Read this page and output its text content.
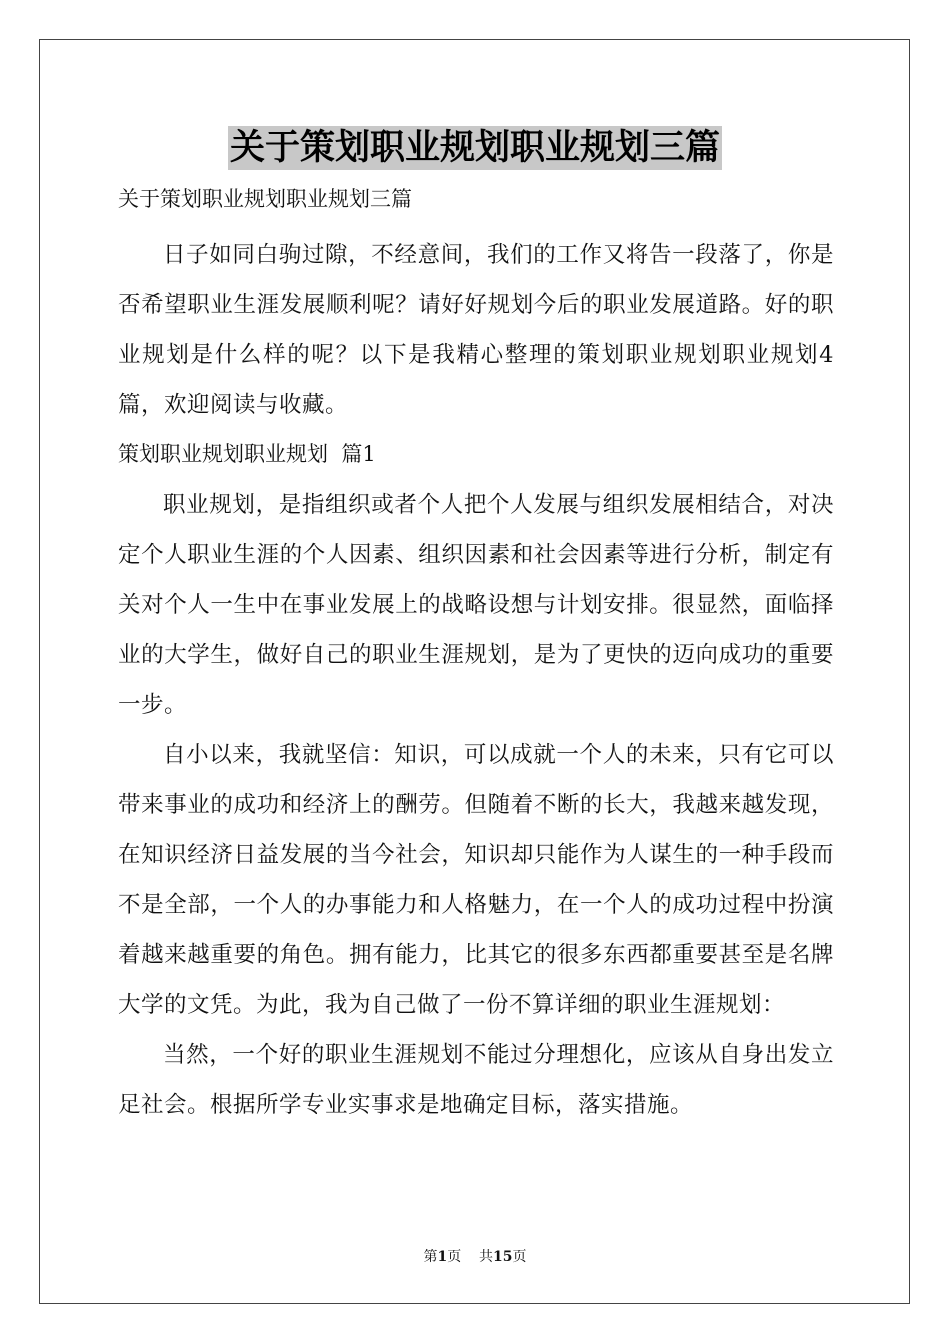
关于策划职业规划职业规划三篇

关于策划职业规划职业规划三篇

日子如同白驹过隙，不经意间，我们的工作又将告一段落了，你是否希望职业生涯发展顺利呢？请好好规划今后的职业发展道路。好的职业规划是什么样的呢？以下是我精心整理的策划职业规划职业规划4篇，欢迎阅读与收藏。

策划职业规划职业规划  篇1

职业规划，是指组织或者个人把个人发展与组织发展相结合，对决定个人职业生涯的个人因素、组织因素和社会因素等进行分析，制定有关对个人一生中在事业发展上的战略设想与计划安排。很显然，面临择业的大学生，做好自己的职业生涯规划，是为了更快的迈向成功的重要一步。

自小以来，我就坚信：知识，可以成就一个人的未来，只有它可以带来事业的成功和经济上的酬劳。但随着不断的长大，我越来越发现，在知识经济日益发展的当今社会，知识却只能作为人谋生的一种手段而不是全部，一个人的办事能力和人格魅力，在一个人的成功过程中扮演着越来越重要的角色。拥有能力，比其它的很多东西都重要甚至是名牌大学的文凭。为此，我为自己做了一份不算详细的职业生涯规划：

当然，一个好的职业生涯规划不能过分理想化，应该从自身出发立足社会。根据所学专业实事求是地确定目标，落实措施。

第1页 共15页
